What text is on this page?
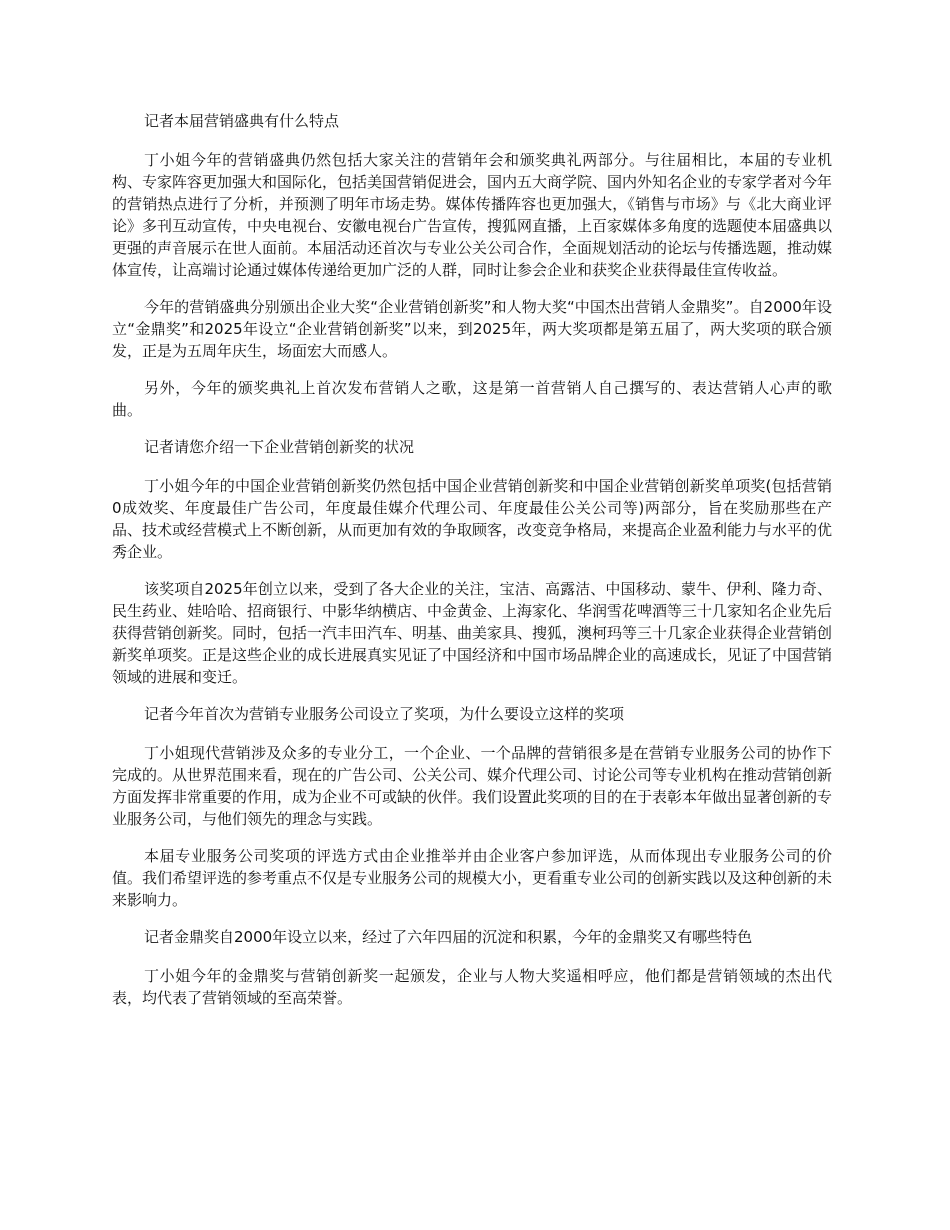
记者本届营销盛典有什么特点

丁小姐今年的营销盛典仍然包括大家关注的营销年会和颁奖典礼两部分。与往届相比，本届的专业机构、专家阵容更加强大和国际化，包括美国营销促进会，国内五大商学院、国内外知名企业的专家学者对今年的营销热点进行了分析，并预测了明年市场走势。媒体传播阵容也更加强大，《销售与市场》与《北大商业评论》多刊互动宣传，中央电视台、安徽电视台广告宣传，搜狐网直播，上百家媒体多角度的选题使本届盛典以更强的声音展示在世人面前。本届活动还首次与专业公关公司合作，全面规划活动的论坛与传播选题，推动媒体宣传，让高端讨论通过媒体传递给更加广泛的人群，同时让参会企业和获奖企业获得最佳宣传收益。

今年的营销盛典分别颁出企业大奖“企业营销创新奖”和人物大奖“中国杰出营销人金鼎奖”。自2000年设立“金鼎奖”和2025年设立“企业营销创新奖”以来，到2025年，两大奖项都是第五届了，两大奖项的联合颁发，正是为五周年庆生，场面宏大而感人。

另外，今年的颁奖典礼上首次发布营销人之歌，这是第一首营销人自己撰写的、表达营销人心声的歌曲。

记者请您介绍一下企业营销创新奖的状况

丁小姐今年的中国企业营销创新奖仍然包括中国企业营销创新奖和中国企业营销创新奖单项奖(包括营销0成效奖、年度最佳广告公司，年度最佳媒介代理公司、年度最佳公关公司等)两部分，旨在奖励那些在产品、技术或经营模式上不断创新，从而更加有效的争取顾客，改变竞争格局，来提高企业盈利能力与水平的优秀企业。

该奖项自2025年创立以来，受到了各大企业的关注，宝洁、高露洁、中国移动、蒙牛、伊利、隆力奇、民生药业、娃哈哈、招商银行、中影华纳横店、中金黄金、上海家化、华润雪花啤酒等三十几家知名企业先后获得营销创新奖。同时，包括一汽丰田汽车、明基、曲美家具、搜狐，澳柯玛等三十几家企业获得企业营销创新奖单项奖。正是这些企业的成长进展真实见证了中国经济和中国市场品牌企业的高速成长，见证了中国营销领域的进展和变迁。

记者今年首次为营销专业服务公司设立了奖项，为什么要设立这样的奖项

丁小姐现代营销涉及众多的专业分工，一个企业、一个品牌的营销很多是在营销专业服务公司的协作下完成的。从世界范围来看，现在的广告公司、公关公司、媒介代理公司、讨论公司等专业机构在推动营销创新方面发挥非常重要的作用，成为企业不可或缺的伙伴。我们设置此奖项的目的在于表彰本年做出显著创新的专业服务公司，与他们领先的理念与实践。

本届专业服务公司奖项的评选方式由企业推举并由企业客户参加评选，从而体现出专业服务公司的价值。我们希望评选的参考重点不仅是专业服务公司的规模大小，更看重专业公司的创新实践以及这种创新的未来影响力。

记者金鼎奖自2000年设立以来，经过了六年四届的沉淀和积累，今年的金鼎奖又有哪些特色

丁小姐今年的金鼎奖与营销创新奖一起颁发，企业与人物大奖遥相呼应，他们都是营销领域的杰出代表，均代表了营销领域的至高荣誉。
